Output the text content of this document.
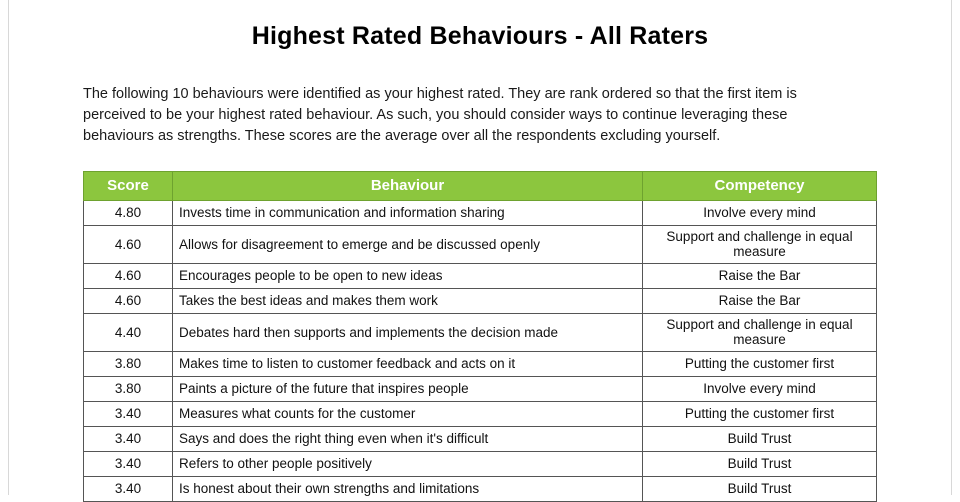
Highest Rated Behaviours - All Raters

The following 10 behaviours were identified as your highest rated. They are rank ordered so that the first item is perceived to be your highest rated behaviour. As such, you should consider ways to continue leveraging these behaviours as strengths. These scores are the average over all the respondents excluding yourself.

Score	Behaviour	Competency
4.80	Invests time in communication and information sharing	Involve every mind
4.60	Allows for disagreement to emerge and be discussed openly	Support and challenge in equal measure
4.60	Encourages people to be open to new ideas	Raise the Bar
4.60	Takes the best ideas and makes them work	Raise the Bar
4.40	Debates hard then supports and implements the decision made	Support and challenge in equal measure
3.80	Makes time to listen to customer feedback and acts on it	Putting the customer first
3.80	Paints a picture of the future that inspires people	Involve every mind
3.40	Measures what counts for the customer	Putting the customer first
3.40	Says and does the right thing even when it's difficult	Build Trust
3.40	Refers to other people positively	Build Trust
3.40	Is honest about their own strengths and limitations	Build Trust
